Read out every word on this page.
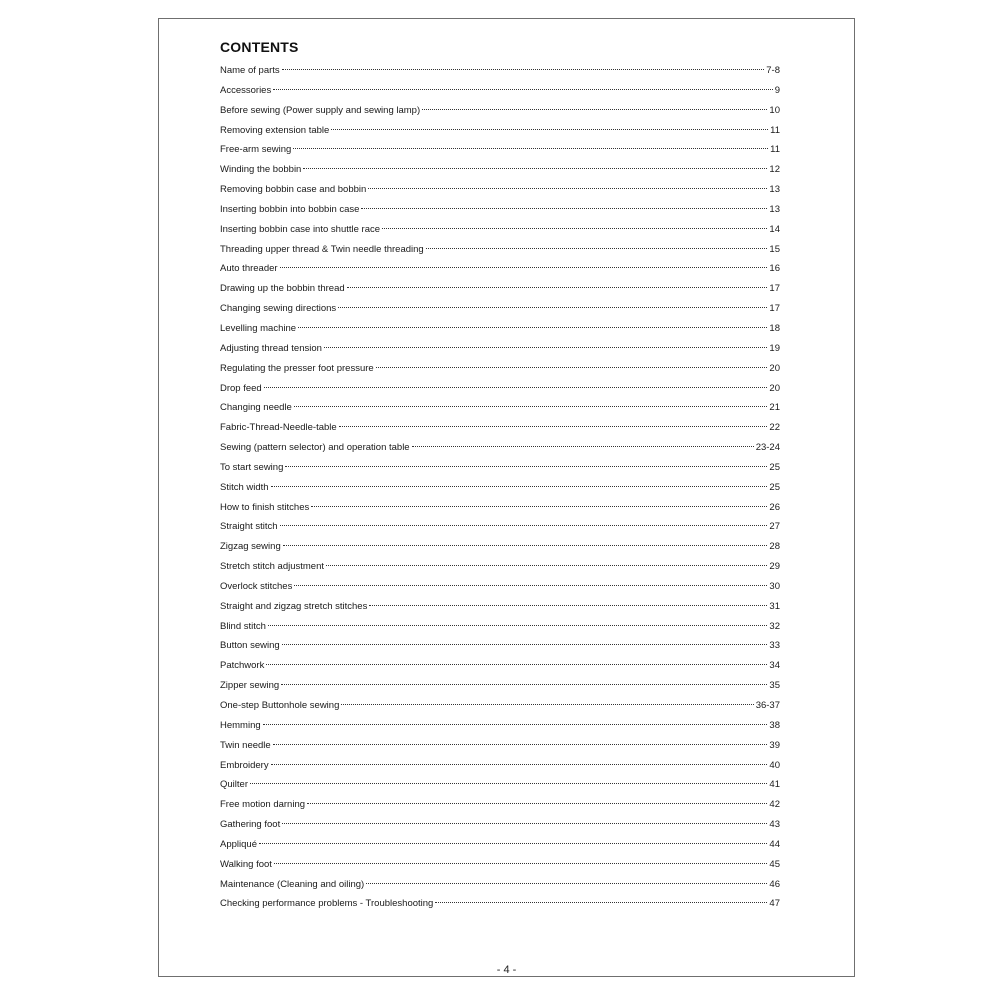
CONTENTS
Name of parts	7-8
Accessories	9
Before sewing (Power supply and sewing lamp)	10
Removing extension table	11
Free-arm sewing	11
Winding the bobbin	12
Removing bobbin case and bobbin	13
Inserting bobbin into bobbin case	13
Inserting bobbin case into shuttle race	14
Threading upper thread & Twin needle threading	15
Auto threader	16
Drawing up the bobbin thread	17
Changing sewing directions	17
Levelling machine	18
Adjusting thread tension	19
Regulating the presser foot pressure	20
Drop feed	20
Changing needle	21
Fabric-Thread-Needle-table	22
Sewing (pattern selector) and operation table	23-24
To start sewing	25
Stitch width	25
How to finish stitches	26
Straight stitch	27
Zigzag sewing	28
Stretch stitch adjustment	29
Overlock stitches	30
Straight and zigzag stretch stitches	31
Blind stitch	32
Button sewing	33
Patchwork	34
Zipper sewing	35
One-step Buttonhole sewing	36-37
Hemming	38
Twin needle	39
Embroidery	40
Quilter	41
Free motion darning	42
Gathering foot	43
Appliqué	44
Walking foot	45
Maintenance (Cleaning and oiling)	46
Checking performance problems - Troubleshooting	47
- 4 -
